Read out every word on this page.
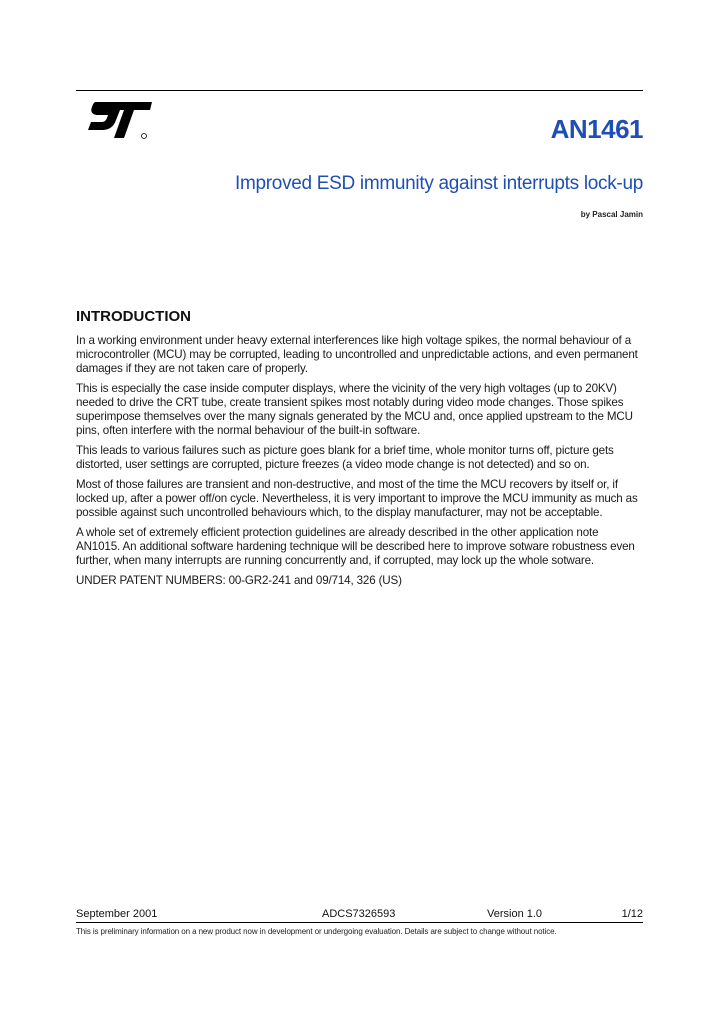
AN1461
Improved ESD immunity against interrupts lock-up
by Pascal Jamin
INTRODUCTION

In a working environment under heavy external interferences like high voltage spikes, the normal behaviour of a microcontroller (MCU) may be corrupted, leading to uncontrolled and unpredictable actions, and even permanent damages if they are not taken care of properly.

This is especially the case inside computer displays, where the vicinity of the very high voltages (up to 20KV) needed to drive the CRT tube, create transient spikes most notably during video mode changes. Those spikes superimpose themselves over the many signals generated by the MCU and, once applied upstream to the MCU pins, often interfere with the normal behaviour of the built-in software.

This leads to various failures such as picture goes blank for a brief time, whole monitor turns off, picture gets distorted, user settings are corrupted, picture freezes (a video mode change is not detected) and so on.

Most of those failures are transient and non-destructive, and most of the time the MCU recovers by itself or, if locked up, after a power off/on cycle. Nevertheless, it is very important to improve the MCU immunity as much as possible against such uncontrolled behaviours which, to the display manufacturer, may not be acceptable.

A whole set of extremely efficient protection guidelines are already described in the other application note AN1015. An additional software hardening technique will be described here to improve sotware robustness even further, when many interrupts are running concurrently and, if corrupted, may lock up the whole sotware.

UNDER PATENT NUMBERS: 00-GR2-241 and 09/714, 326 (US)

September 2001	ADCS7326593	Version 1.0	1/12
This is preliminary information on a new product now in development or undergoing evaluation. Details are subject to change without notice.
